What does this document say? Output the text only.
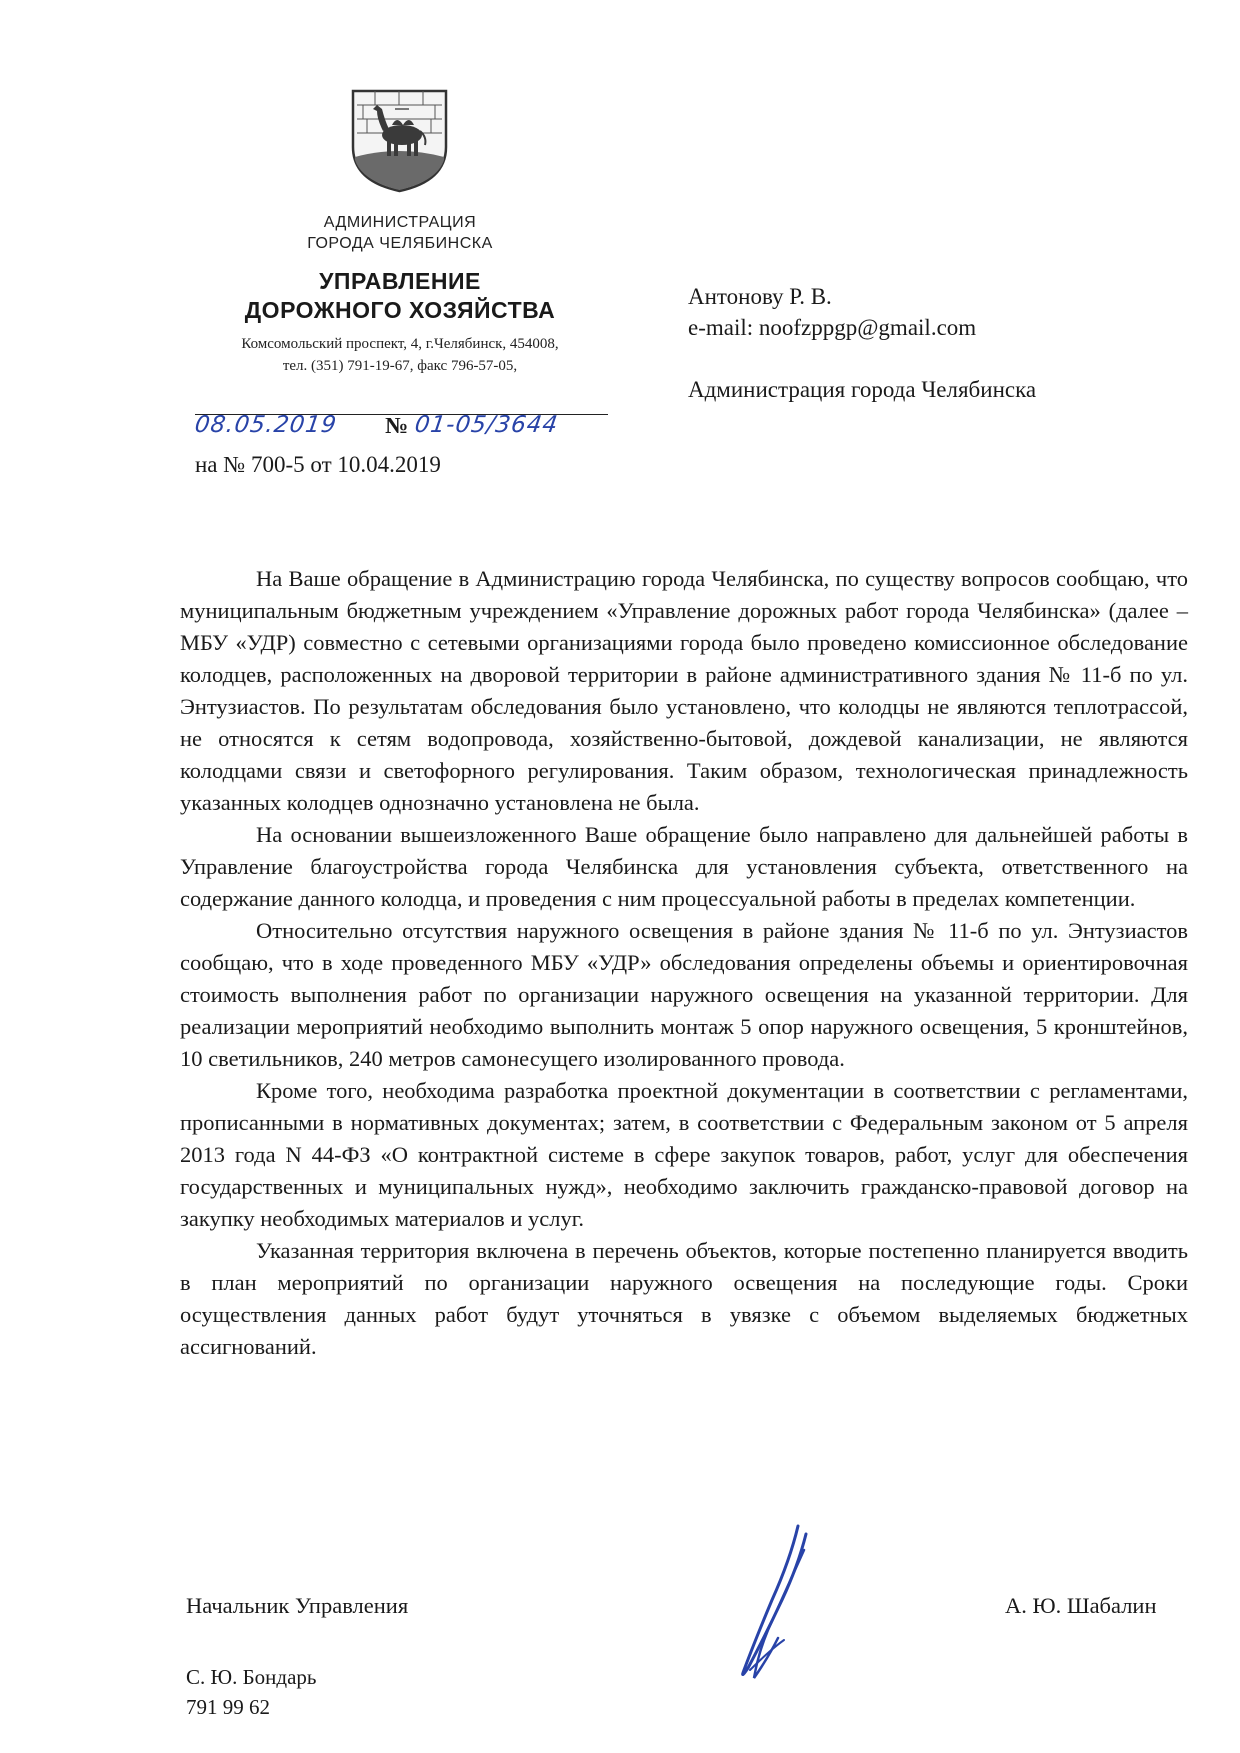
АДМИНИСТРАЦИЯ
ГОРОДА ЧЕЛЯБИНСКА
УПРАВЛЕНИЕ
ДОРОЖНОГО ХОЗЯЙСТВА
Комсомольский проспект, 4, г.Челябинск, 454008,
тел. (351) 791-19-67, факс 796-57-05,
Антонову Р. В.
e-mail: noofzppgp@gmail.com
Администрация города Челябинска
08.05.2019 № 01-05/3644
на № 700-5 от 10.04.2019

На Ваше обращение в Администрацию города Челябинска, по существу вопросов сообщаю, что муниципальным бюджетным учреждением «Управление дорожных работ города Челябинска» (далее – МБУ «УДР) совместно с сетевыми организациями города было проведено комиссионное обследование колодцев, расположенных на дворовой территории в районе административного здания № 11-б по ул. Энтузиастов. По результатам обследования было установлено, что колодцы не являются теплотрассой, не относятся к сетям водопровода, хозяйственно-бытовой, дождевой канализации, не являются колодцами связи и светофорного регулирования. Таким образом, технологическая принадлежность указанных колодцев однозначно установлена не была.

На основании вышеизложенного Ваше обращение было направлено для дальнейшей работы в Управление благоустройства города Челябинска для установления субъекта, ответственного на содержание данного колодца, и проведения с ним процессуальной работы в пределах компетенции.

Относительно отсутствия наружного освещения в районе здания № 11-б по ул. Энтузиастов сообщаю, что в ходе проведенного МБУ «УДР» обследования определены объемы и ориентировочная стоимость выполнения работ по организации наружного освещения на указанной территории. Для реализации мероприятий необходимо выполнить монтаж 5 опор наружного освещения, 5 кронштейнов, 10 светильников, 240 метров самонесущего изолированного провода.

Кроме того, необходима разработка проектной документации в соответствии с регламентами, прописанными в нормативных документах; затем, в соответствии с Федеральным законом от 5 апреля 2013 года N 44-ФЗ «О контрактной системе в сфере закупок товаров, работ, услуг для обеспечения государственных и муниципальных нужд», необходимо заключить гражданско-правовой договор на закупку необходимых материалов и услуг.

Указанная территория включена в перечень объектов, которые постепенно планируется вводить в план мероприятий по организации наружного освещения на последующие годы. Сроки осуществления данных работ будут уточняться в увязке с объемом выделяемых бюджетных ассигнований.

Начальник Управления	А. Ю. Шабалин
С. Ю. Бондарь
791 99 62
